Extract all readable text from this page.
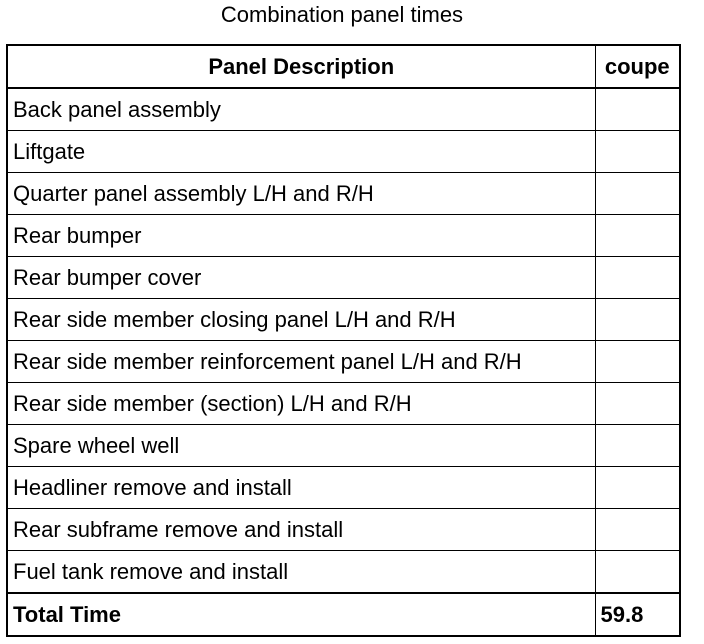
Combination panel times
Panel Description	coupe
Back panel assembly	
Liftgate	
Quarter panel assembly L/H and R/H	
Rear bumper	
Rear bumper cover	
Rear side member closing panel L/H and R/H	
Rear side member reinforcement panel L/H and R/H	
Rear side member (section) L/H and R/H	
Spare wheel well	
Headliner remove and install	
Rear subframe remove and install	
Fuel tank remove and install	
Total Time	59.8
